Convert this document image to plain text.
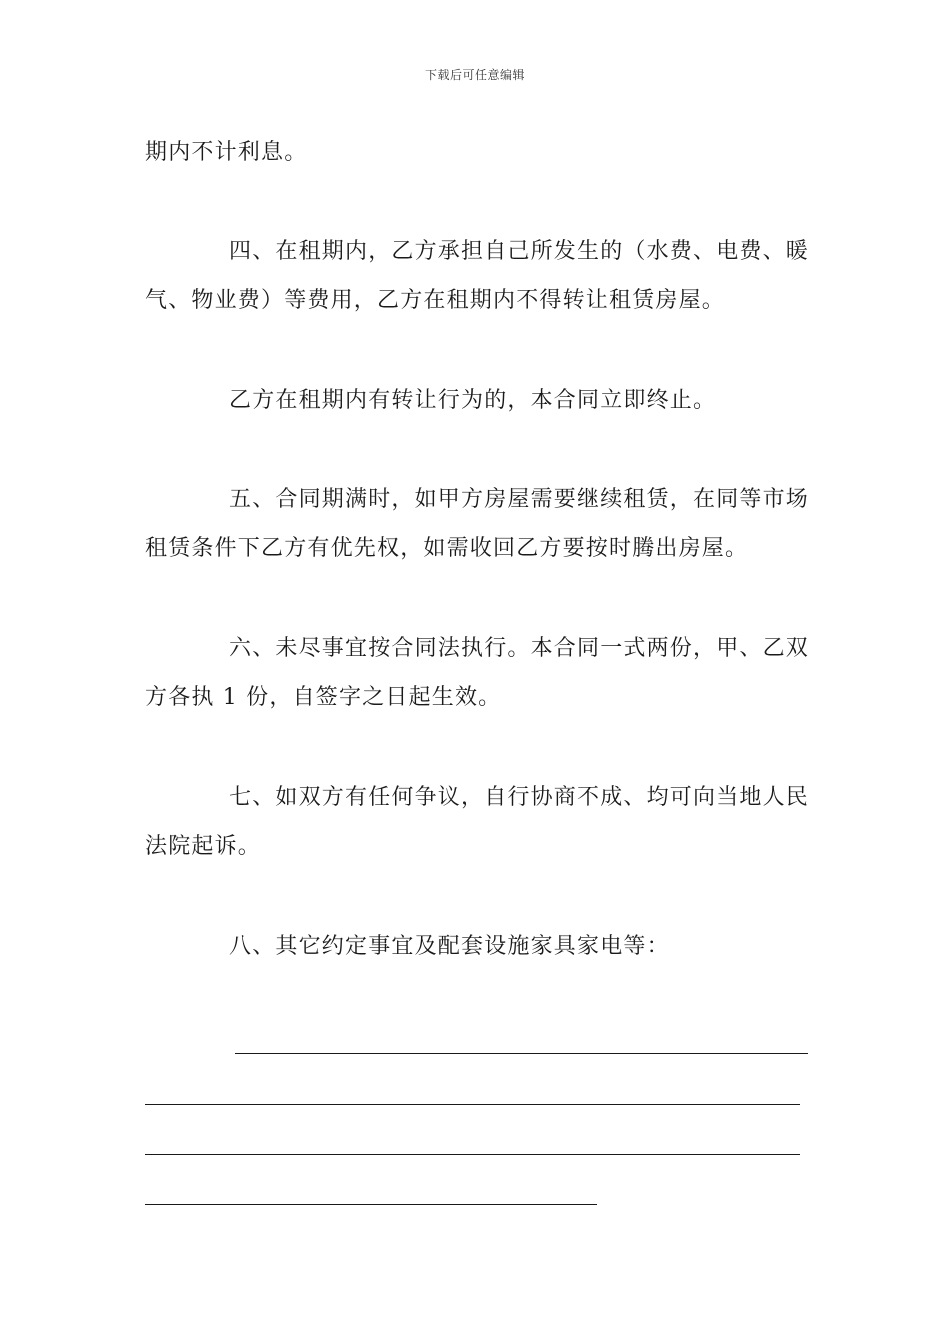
下载后可任意编辑

期内不计利息。

四、在租期内，乙方承担自己所发生的（水费、电费、暖气、物业费）等费用，乙方在租期内不得转让租赁房屋。

乙方在租期内有转让行为的，本合同立即终止。

五、合同期满时，如甲方房屋需要继续租赁，在同等市场租赁条件下乙方有优先权，如需收回乙方要按时腾出房屋。

六、未尽事宜按合同法执行。本合同一式两份，甲、乙双方各执 1 份，自签字之日起生效。

七、如双方有任何争议，自行协商不成、均可向当地人民法院起诉。

八、其它约定事宜及配套设施家具家电等：
